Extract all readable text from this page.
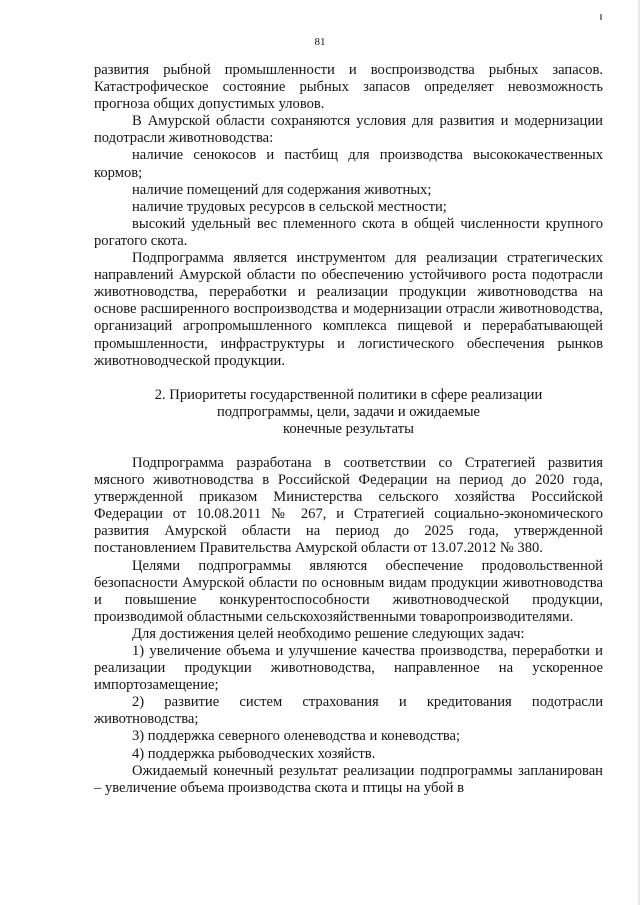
81

развития рыбной промышленности и воспроизводства рыбных запасов. Катастрофическое состояние рыбных запасов определяет невозможность прогноза общих допустимых уловов.

В Амурской области сохраняются условия для развития и модернизации подотрасли животноводства:

наличие сенокосов и пастбищ для производства высококачественных кормов;

наличие помещений для содержания животных;

наличие трудовых ресурсов в сельской местности;

высокий удельный вес племенного скота в общей численности крупного рогатого скота.

Подпрограмма является инструментом для реализации стратегических направлений Амурской области по обеспечению устойчивого роста подотрасли животноводства, переработки и реализации продукции животноводства на основе расширенного воспроизводства и модернизации отрасли животноводства, организаций агропромышленного комплекса пищевой и перерабатывающей промышленности, инфраструктуры и логистического обеспечения рынков животноводческой продукции.

2. Приоритеты государственной политики в сфере реализации

подпрограммы, цели, задачи и ожидаемые

конечные результаты

Подпрограмма разработана в соответствии со Стратегией развития мясного животноводства в Российской Федерации на период до 2020 года, утвержденной приказом Министерства сельского хозяйства Российской Федерации от 10.08.2011 № 267, и Стратегией социально-экономического развития Амурской области на период до 2025 года, утвержденной постановлением Правительства Амурской области от 13.07.2012 № 380.

Целями подпрограммы являются обеспечение продовольственной безопасности Амурской области по основным видам продукции животноводства и повышение конкурентоспособности животноводческой продукции, производимой областными сельскохозяйственными товаропроизводителями.

Для достижения целей необходимо решение следующих задач:

1) увеличение объема и улучшение качества производства, переработки и реализации продукции животноводства, направленное на ускоренное импортозамещение;

2) развитие систем страхования и кредитования подотрасли животноводства;

3) поддержка северного оленеводства и коневодства;

4) поддержка рыбоводческих хозяйств.

Ожидаемый конечный результат реализации подпрограммы запланирован – увеличение объема производства скота и птицы на убой в
